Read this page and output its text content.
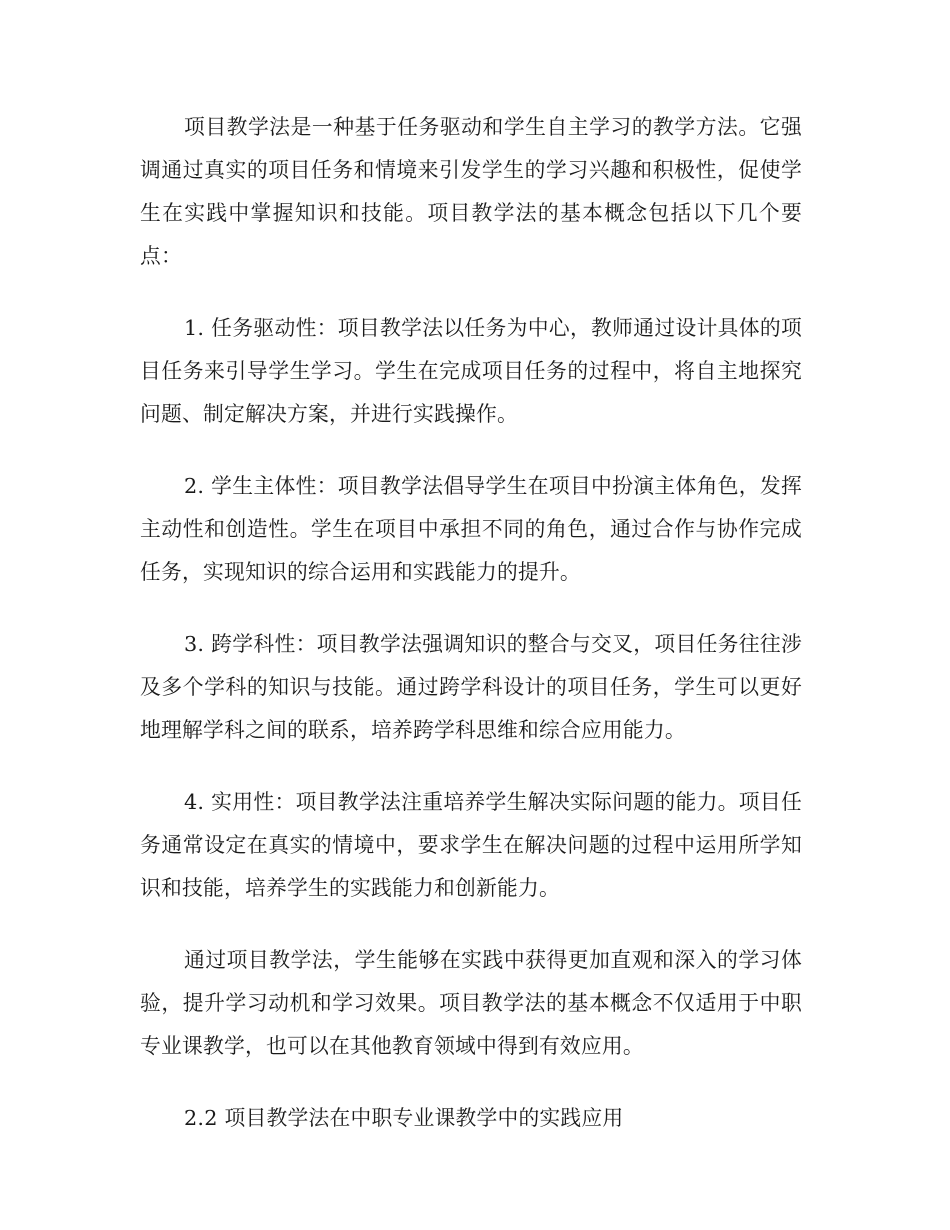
项目教学法是一种基于任务驱动和学生自主学习的教学方法。它强调通过真实的项目任务和情境来引发学生的学习兴趣和积极性，促使学生在实践中掌握知识和技能。项目教学法的基本概念包括以下几个要点：

1. 任务驱动性：项目教学法以任务为中心，教师通过设计具体的项目任务来引导学生学习。学生在完成项目任务的过程中，将自主地探究问题、制定解决方案，并进行实践操作。

2. 学生主体性：项目教学法倡导学生在项目中扮演主体角色，发挥主动性和创造性。学生在项目中承担不同的角色，通过合作与协作完成任务，实现知识的综合运用和实践能力的提升。

3. 跨学科性：项目教学法强调知识的整合与交叉，项目任务往往涉及多个学科的知识与技能。通过跨学科设计的项目任务，学生可以更好地理解学科之间的联系，培养跨学科思维和综合应用能力。

4. 实用性：项目教学法注重培养学生解决实际问题的能力。项目任务通常设定在真实的情境中，要求学生在解决问题的过程中运用所学知识和技能，培养学生的实践能力和创新能力。

通过项目教学法，学生能够在实践中获得更加直观和深入的学习体验，提升学习动机和学习效果。项目教学法的基本概念不仅适用于中职专业课教学，也可以在其他教育领域中得到有效应用。

2.2 项目教学法在中职专业课教学中的实践应用
